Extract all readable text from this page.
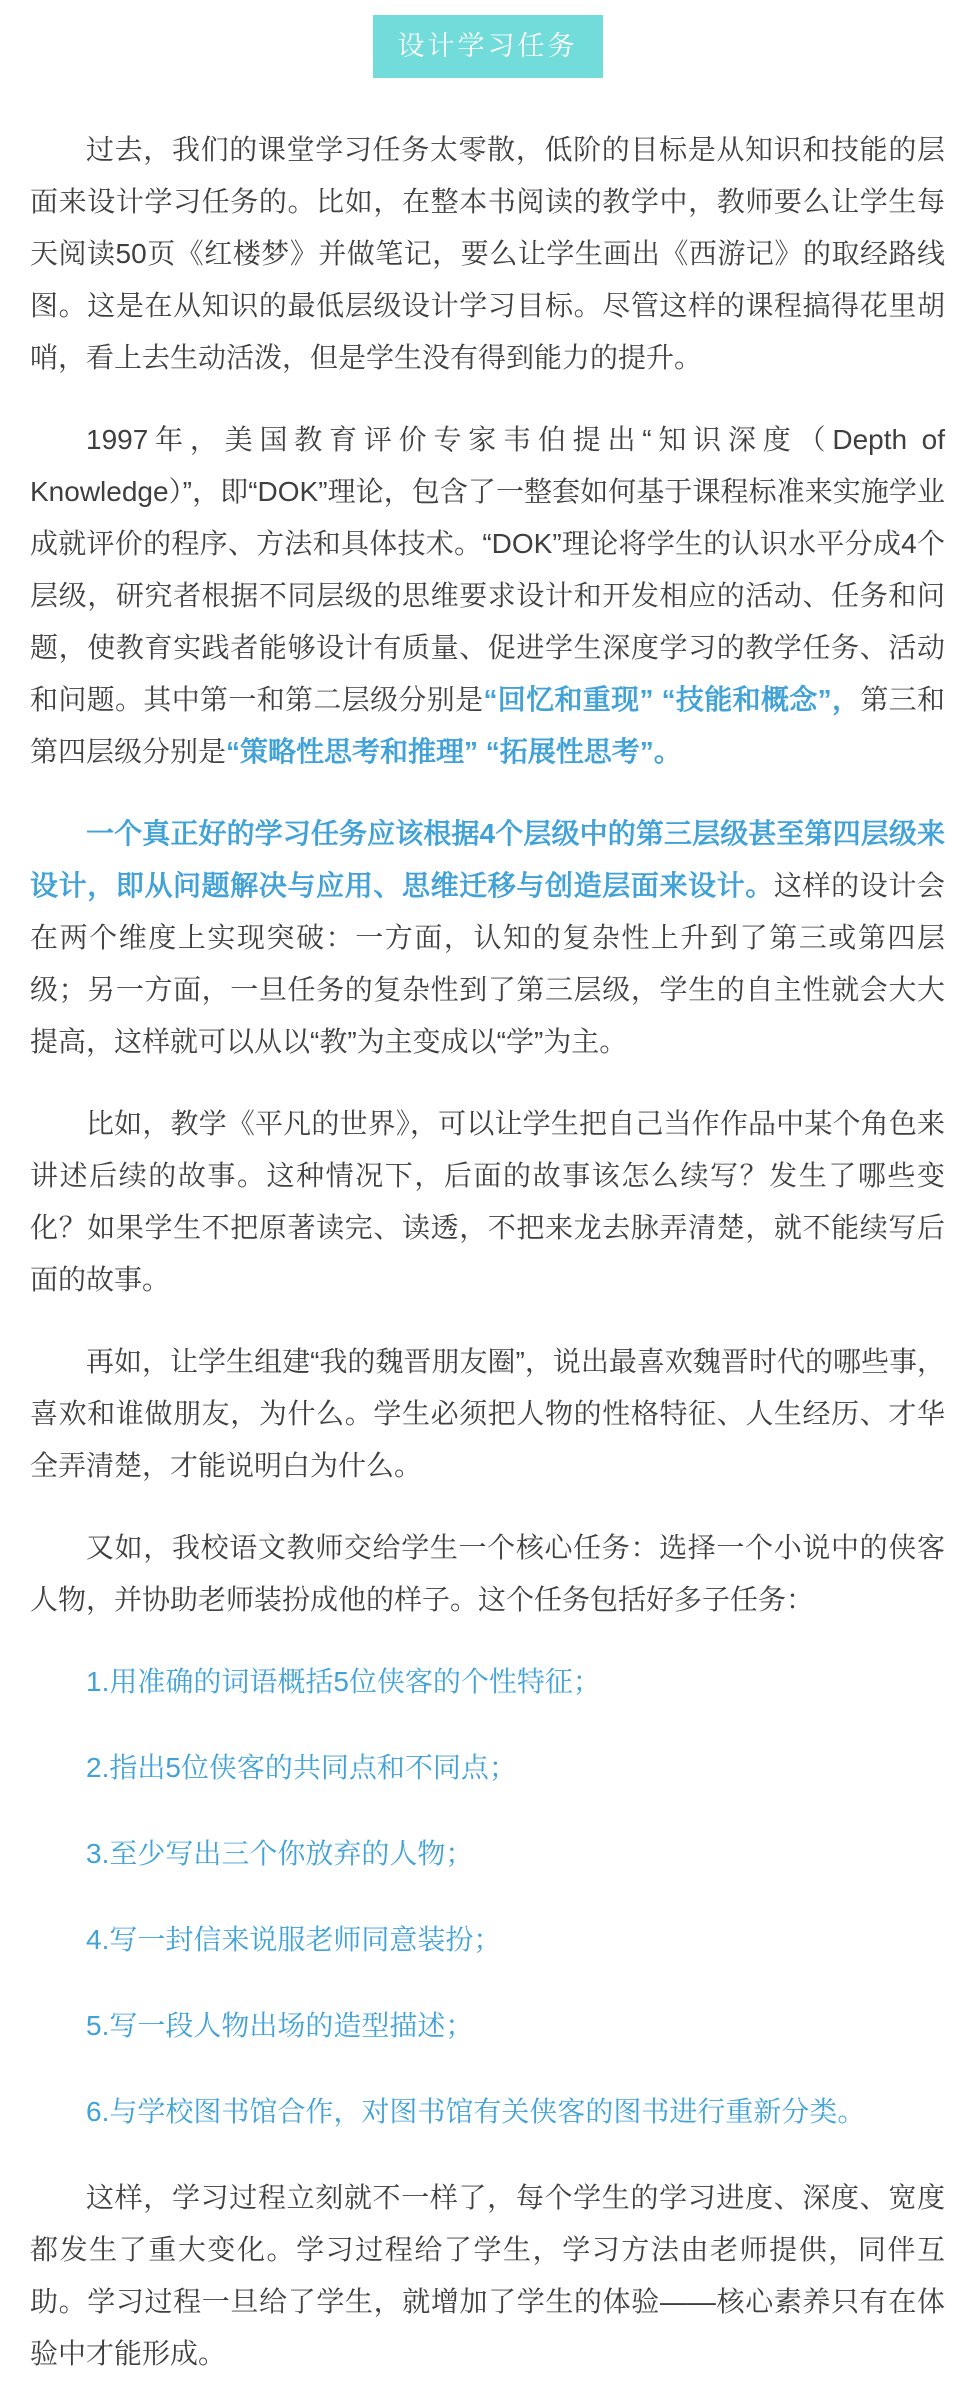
设计学习任务

过去，我们的课堂学习任务太零散，低阶的目标是从知识和技能的层面来设计学习任务的。比如，在整本书阅读的教学中，教师要么让学生每天阅读50页《红楼梦》并做笔记，要么让学生画出《西游记》的取经路线图。这是在从知识的最低层级设计学习目标。尽管这样的课程搞得花里胡哨，看上去生动活泼，但是学生没有得到能力的提升。

1997年，美国教育评价专家韦伯提出“知识深度（Depth of Knowledge）”，即“DOK”理论，包含了一整套如何基于课程标准来实施学业成就评价的程序、方法和具体技术。“DOK”理论将学生的认识水平分成4个层级，研究者根据不同层级的思维要求设计和开发相应的活动、任务和问题，使教育实践者能够设计有质量、促进学生深度学习的教学任务、活动和问题。其中第一和第二层级分别是“回忆和重现” “技能和概念”，第三和第四层级分别是“策略性思考和推理” “拓展性思考”。

一个真正好的学习任务应该根据4个层级中的第三层级甚至第四层级来设计，即从问题解决与应用、思维迁移与创造层面来设计。这样的设计会在两个维度上实现突破：一方面，认知的复杂性上升到了第三或第四层级；另一方面，一旦任务的复杂性到了第三层级，学生的自主性就会大大提高，这样就可以从以“教”为主变成以“学”为主。

比如，教学《平凡的世界》，可以让学生把自己当作作品中某个角色来讲述后续的故事。这种情况下，后面的故事该怎么续写？发生了哪些变化？如果学生不把原著读完、读透，不把来龙去脉弄清楚，就不能续写后面的故事。

再如，让学生组建“我的魏晋朋友圈”，说出最喜欢魏晋时代的哪些事，喜欢和谁做朋友，为什么。学生必须把人物的性格特征、人生经历、才华全弄清楚，才能说明白为什么。

又如，我校语文教师交给学生一个核心任务：选择一个小说中的侠客人物，并协助老师装扮成他的样子。这个任务包括好多子任务：

1.用准确的词语概括5位侠客的个性特征；

2.指出5位侠客的共同点和不同点；

3.至少写出三个你放弃的人物；

4.写一封信来说服老师同意装扮；

5.写一段人物出场的造型描述；

6.与学校图书馆合作，对图书馆有关侠客的图书进行重新分类。

这样，学习过程立刻就不一样了，每个学生的学习进度、深度、宽度都发生了重大变化。学习过程给了学生，学习方法由老师提供，同伴互助。学习过程一旦给了学生，就增加了学生的体验——核心素养只有在体验中才能形成。
